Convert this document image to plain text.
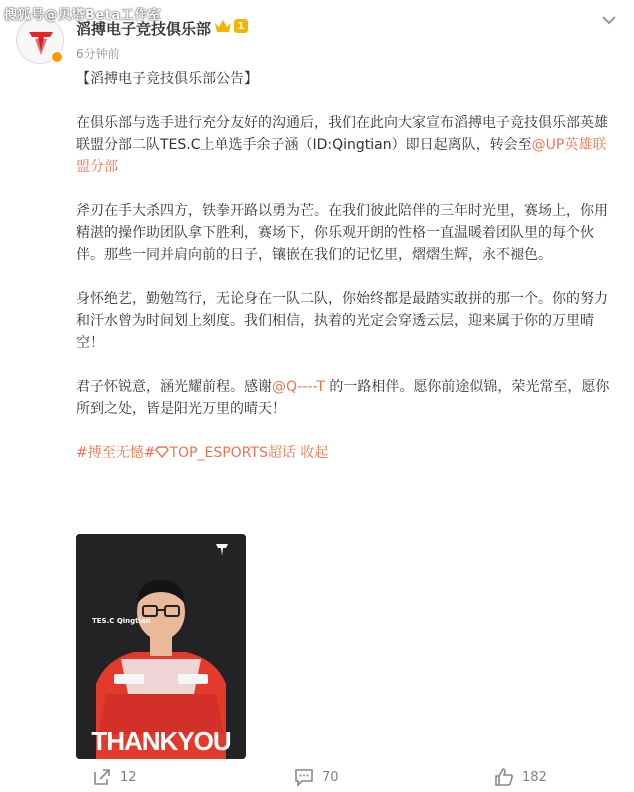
搜狐号@贝塔Beta工作室
滔搏电子竞技俱乐部	1
6分钟前

【滔搏电子竞技俱乐部公告】

在俱乐部与选手进行充分友好的沟通后，我们在此向大家宣布滔搏电子竞技俱乐部英雄联盟分部二队TES.C上单选手余子涵（ID:Qingtian）即日起离队，转会至@UP英雄联盟分部

斧刃在手大杀四方，铁拳开路以勇为芒。在我们彼此陪伴的三年时光里，赛场上，你用精湛的操作助团队拿下胜利，赛场下，你乐观开朗的性格一直温暖着团队里的每个伙伴。那些一同并肩向前的日子，镶嵌在我们的记忆里，熠熠生辉，永不褪色。

身怀绝艺，勤勉笃行，无论身在一队二队，你始终都是最踏实敢拼的那一个。你的努力和汗水曾为时间划上刻度。我们相信，执着的光定会穿透云层，迎来属于你的万里晴空！

君子怀锐意，涵光耀前程。感谢@Q----T 的一路相伴。愿你前途似锦，荣光常至，愿你所到之处，皆是阳光万里的晴天！

#搏至无憾# TOP_ESPORTS超话 收起

TES.C Qingtian
THANKYOU
12	70	182
